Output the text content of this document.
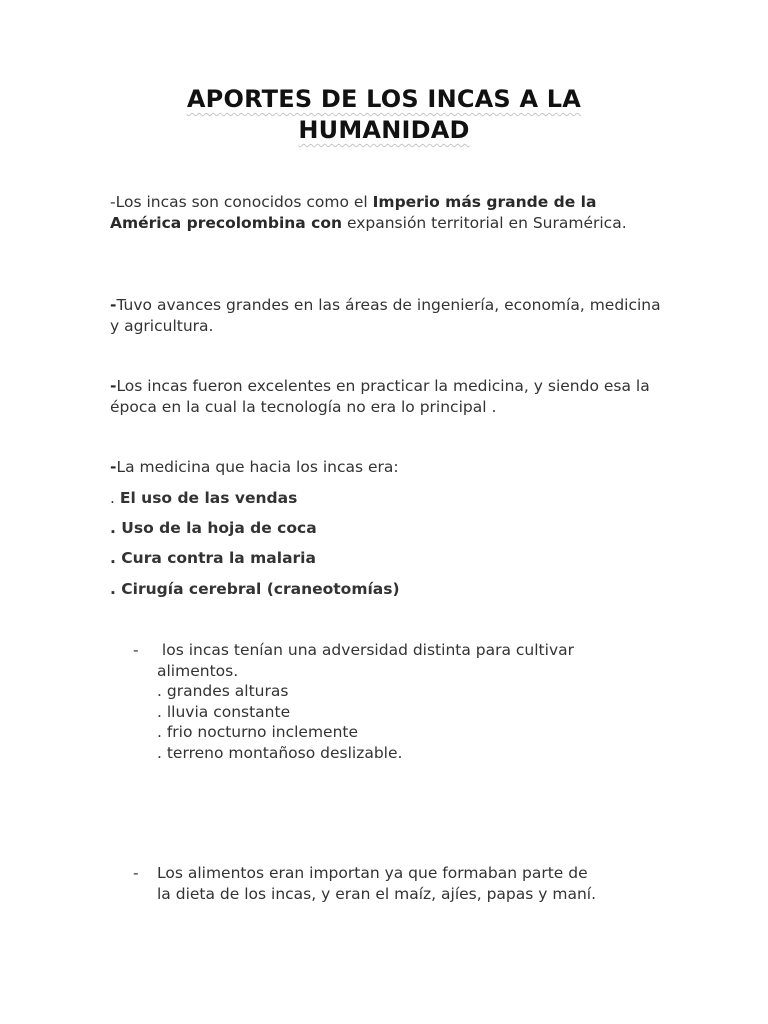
APORTES DE LOS INCAS A LA
HUMANIDAD

-Los incas son conocidos como el Imperio más grande de la América precolombina con expansión territorial en Suramérica.

-Tuvo avances grandes en las áreas de ingeniería, economía, medicina y agricultura.

-Los incas fueron excelentes en practicar la medicina, y siendo esa la época en la cual la tecnología no era lo principal .

-La medicina que hacia los incas era:

. El uso de las vendas
. Uso de la hoja de coca
. Cura contra la malaria
. Cirugía cerebral (craneotomías)
- los incas tenían una adversidad distinta para cultivar
alimentos.
. grandes alturas
. lluvia constante
. frio nocturno inclemente
. terreno montañoso deslizable.
- Los alimentos eran importan ya que formaban parte de
la dieta de los incas, y eran el maíz, ajíes, papas y maní.
